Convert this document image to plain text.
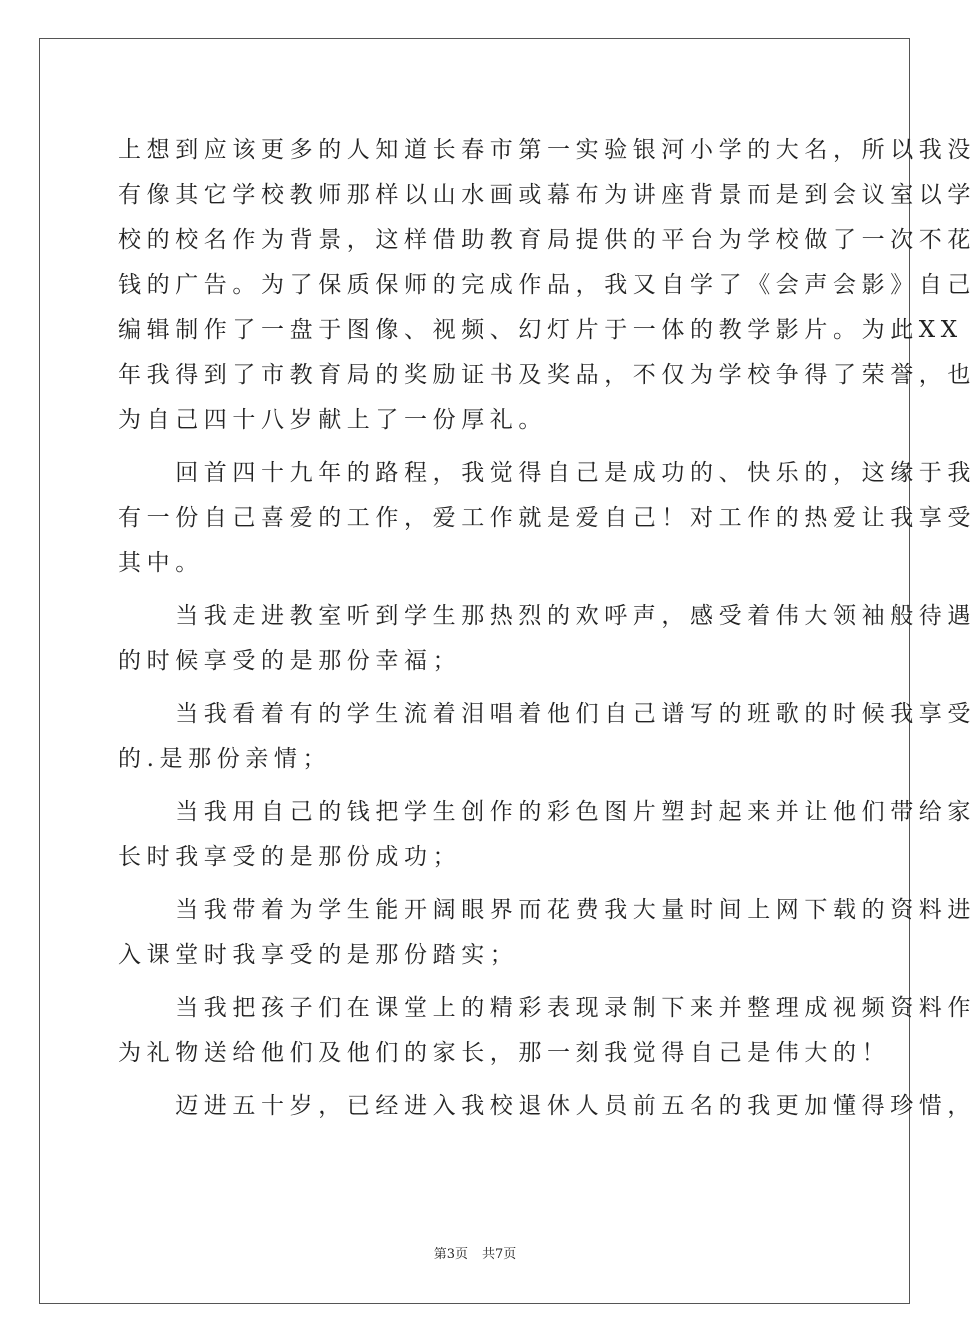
上想到应该更多的人知道长春市第一实验银河小学的大名，所以我没
有像其它学校教师那样以山水画或幕布为讲座背景而是到会议室以学
校的校名作为背景，这样借助教育局提供的平台为学校做了一次不花
钱的广告。为了保质保师的完成作品，我又自学了《会声会影》自己
编辑制作了一盘于图像、视频、幻灯片于一体的教学影片。为此XX
年我得到了市教育局的奖励证书及奖品，不仅为学校争得了荣誉，也
为自己四十八岁献上了一份厚礼。
　　回首四十九年的路程，我觉得自己是成功的、快乐的，这缘于我
有一份自己喜爱的工作，爱工作就是爱自己！对工作的热爱让我享受
其中。
　　当我走进教室听到学生那热烈的欢呼声，感受着伟大领袖般待遇
的时候享受的是那份幸福；
　　当我看着有的学生流着泪唱着他们自己谱写的班歌的时候我享受
的.是那份亲情；
　　当我用自己的钱把学生创作的彩色图片塑封起来并让他们带给家
长时我享受的是那份成功；
　　当我带着为学生能开阔眼界而花费我大量时间上网下载的资料进
入课堂时我享受的是那份踏实；
　　当我把孩子们在课堂上的精彩表现录制下来并整理成视频资料作
为礼物送给他们及他们的家长，那一刻我觉得自己是伟大的！
　　迈进五十岁，已经进入我校退休人员前五名的我更加懂得珍惜，
第3页 共7页
